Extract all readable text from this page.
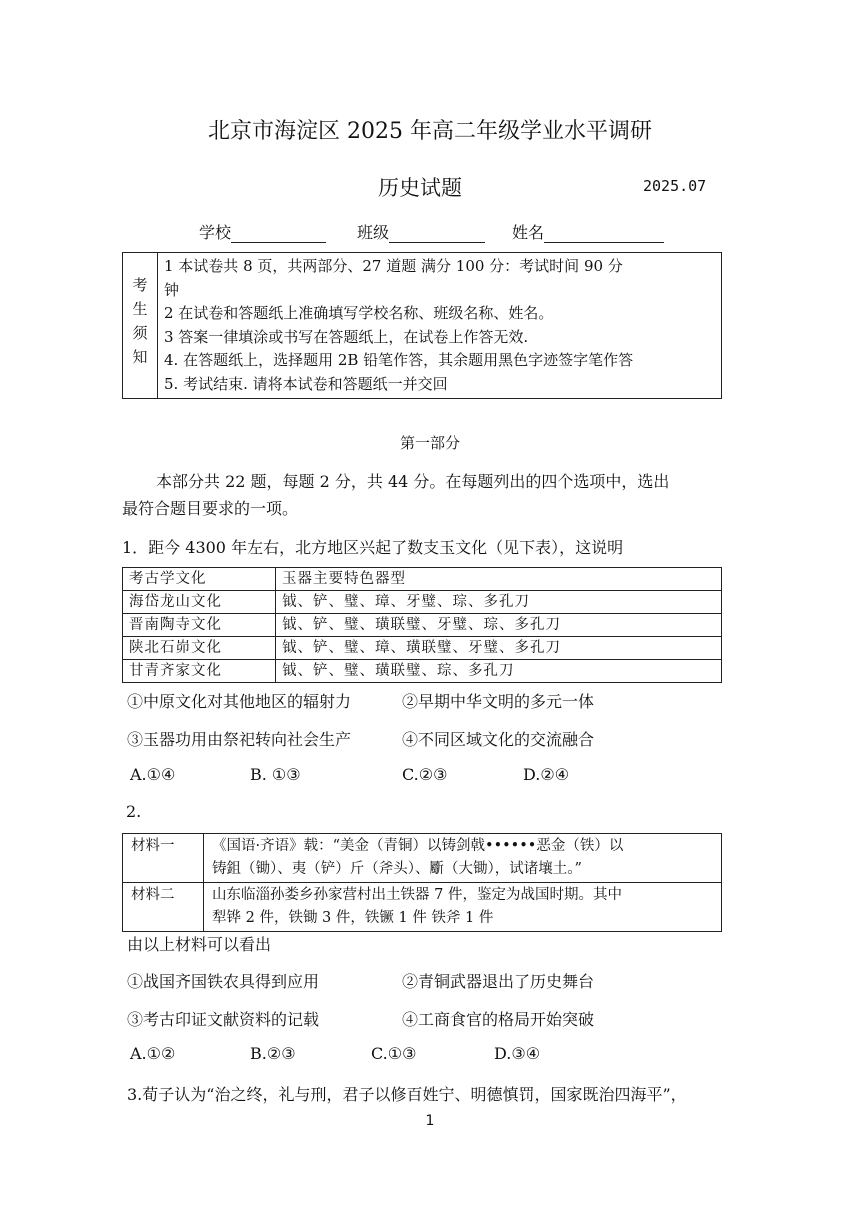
北京市海淀区 2025 年高二年级学业水平调研
历史试题	2025.07
学校	班级	姓名
考
生
须
知

1 本试卷共 8 页，共两部分、27 道题 满分 100 分：考试时间 90 分
钟
2 在试卷和答题纸上准确填写学校名称、班级名称、姓名。
3 答案一律填涂或书写在答题纸上，在试卷上作答无效.
4. 在答题纸上，选择题用 2B 铅笔作答，其余题用黑色字迹签字笔作答
5. 考试结束. 请将本试卷和答题纸一并交回
第一部分
本部分共 22 题，每题 2 分，共 44 分。在每题列出的四个选项中，选出
最符合题目要求的一项。
1．距今 4300 年左右，北方地区兴起了数支玉文化（见下表），这说明
考古学文化	玉器主要特色器型
海岱龙山文化	钺、铲、璧、璋、牙璧、琮、多孔刀
晋南陶寺文化	钺、铲、璧、璜联璧、牙璧、琮、多孔刀
陕北石峁文化	钺、铲、璧、璋、璜联璧、牙璧、多孔刀
甘青齐家文化	钺、铲、璧、璜联璧、琮、多孔刀
①中原文化对其他地区的辐射力	②早期中华文明的多元一体
③玉器功用由祭祀转向社会生产	④不同区域文化的交流融合
A.①④	B. ①③	C.②③	D.②④
2.
材料一	《国语·齐语》载：“美金（青铜）以铸剑戟••••••恶金（铁）以
铸鉏（锄）、夷（铲）斤（斧头）、斸（大锄），试诸壤土。”

材料二	山东临淄孙娄乡孙家营村出土铁器 7 件，鉴定为战国时期。其中
犁铧 2 件，铁锄 3 件，铁镢 1 件 铁斧 1 件
由以上材料可以看出
①战国齐国铁农具得到应用	②青铜武器退出了历史舞台
③考古印证文献资料的记载	④工商食官的格局开始突破
A.①②	B.②③	C.①③	D.③④
3.荀子认为“治之终，礼与刑，君子以修百姓宁、明德慎罚，国家既治四海平”，
1
